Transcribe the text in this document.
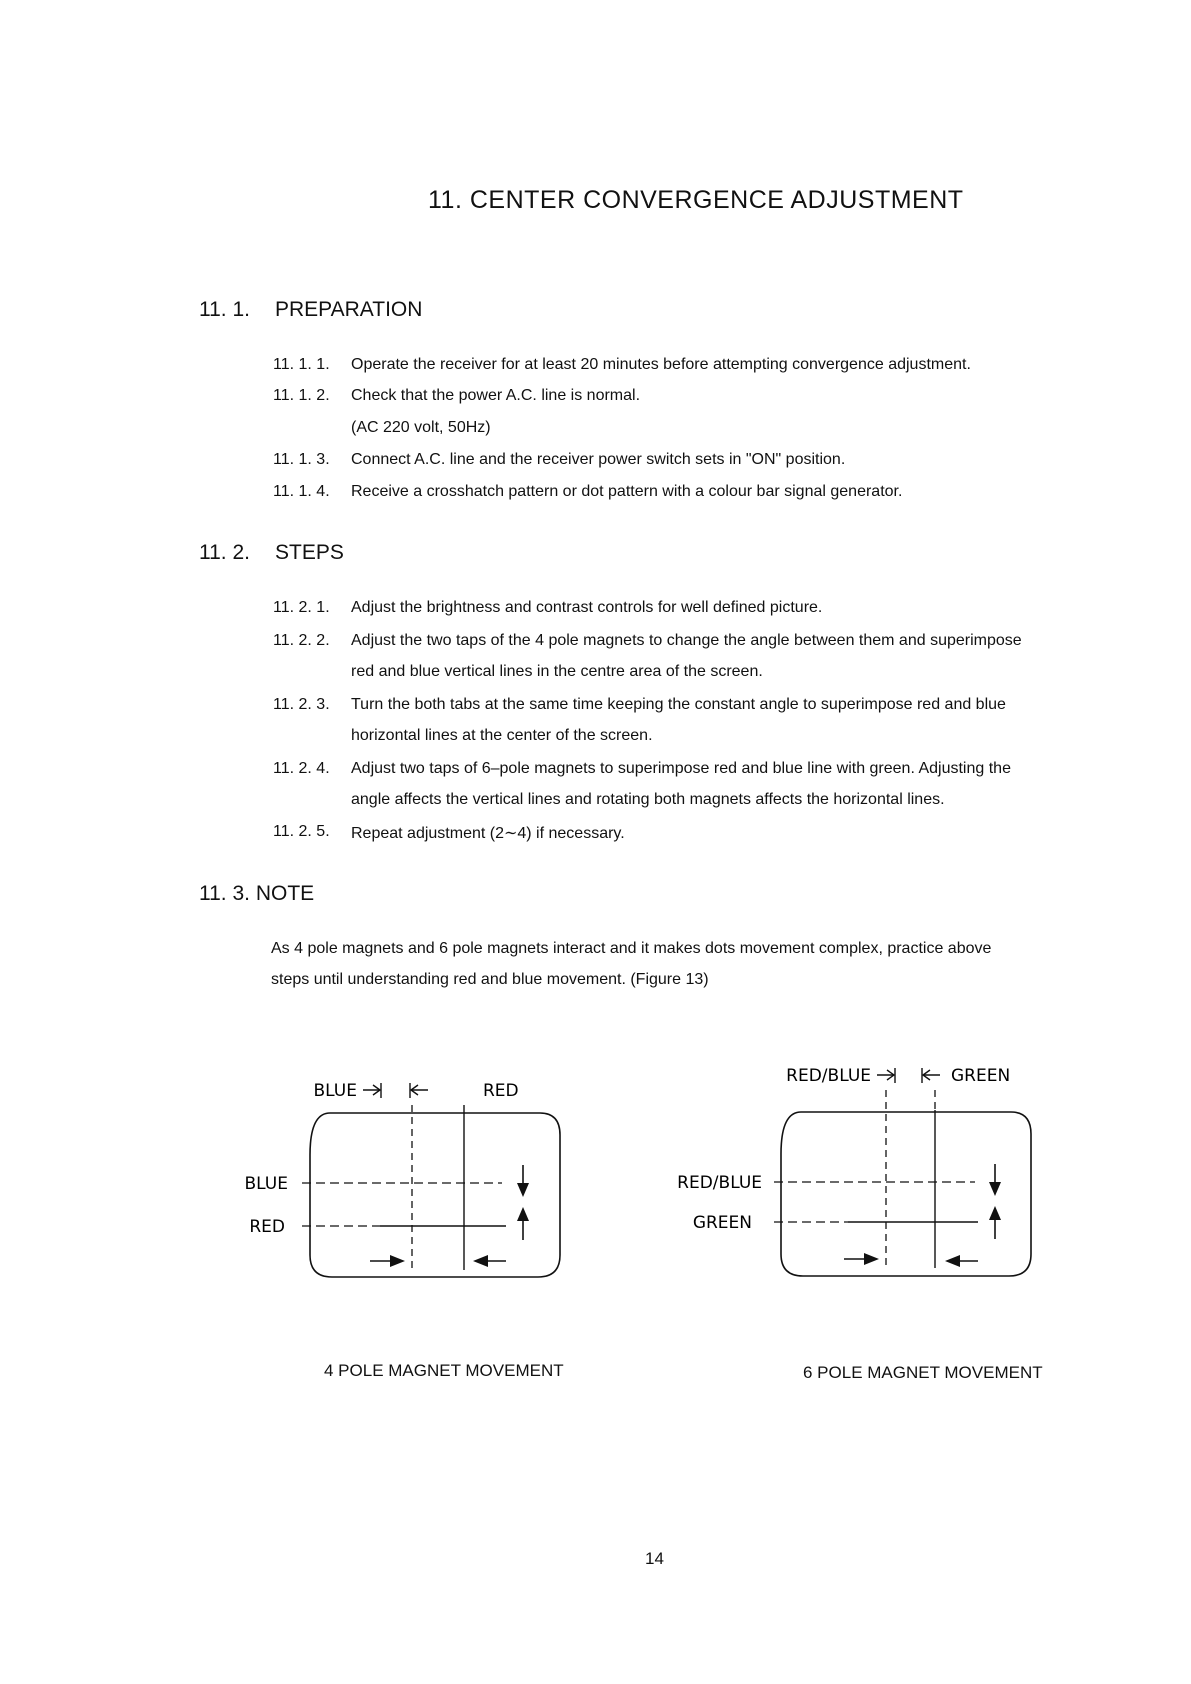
11. CENTER CONVERGENCE ADJUSTMENT
11. 1. PREPARATION
11. 1. 1. Operate the receiver for at least 20 minutes before attempting convergence adjustment.
11. 1. 2. Check that the power A.C. line is normal.
(AC 220 volt, 50Hz)
11. 1. 3. Connect A.C. line and the receiver power switch sets in "ON" position.
11. 1. 4. Receive a crosshatch pattern or dot pattern with a colour bar signal generator.
11. 2. STEPS
11. 2. 1. Adjust the brightness and contrast controls for well defined picture.
11. 2. 2. Adjust the two taps of the 4 pole magnets to change the angle between them and superimpose
red and blue vertical lines in the centre area of the screen.
11. 2. 3. Turn the both tabs at the same time keeping the constant angle to superimpose red and blue
horizontal lines at the center of the screen.
11. 2. 4. Adjust two taps of 6–pole magnets to superimpose red and blue line with green. Adjusting the
angle affects the vertical lines and rotating both magnets affects the horizontal lines.
11. 2. 5. Repeat adjustment (2∼4) if necessary.
11. 3. NOTE
As 4 pole magnets and 6 pole magnets interact and it makes dots movement complex, practice above
steps until understanding red and blue movement. (Figure 13)
BLUE	RED
BLUE
RED
4 POLE MAGNET MOVEMENT
RED/BLUE	GREEN
RED/BLUE
GREEN
6 POLE MAGNET MOVEMENT
14
